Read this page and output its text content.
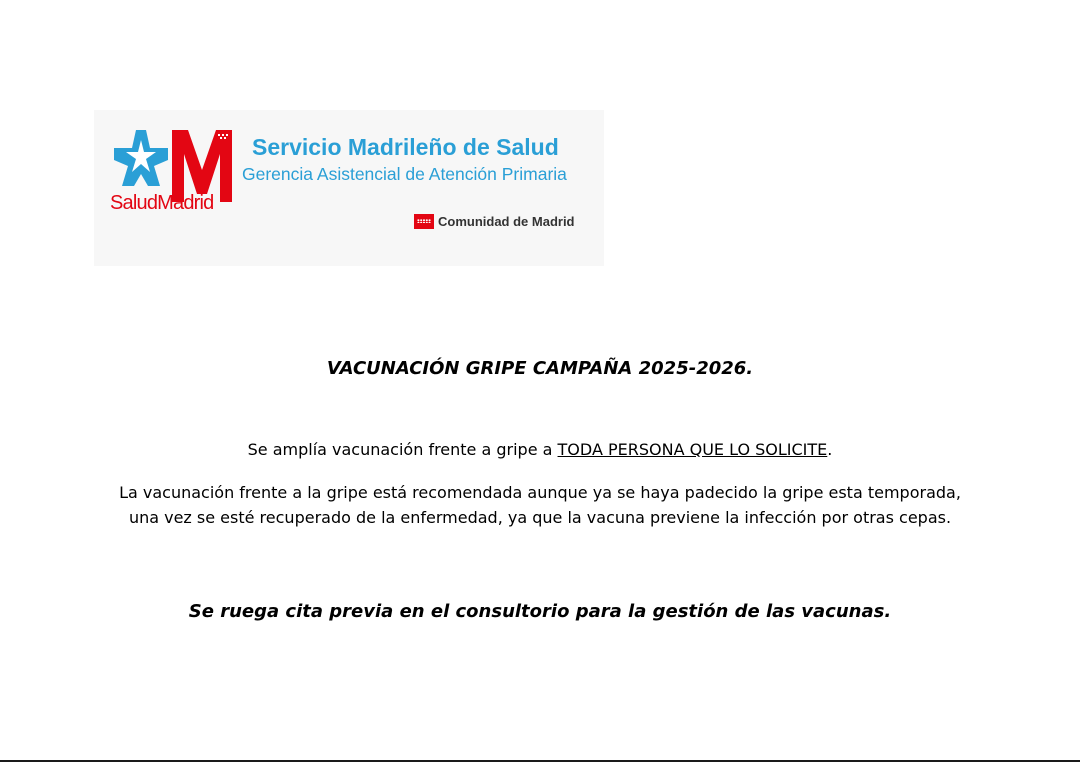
SaludMadrid
Servicio Madrileño de Salud
Gerencia Asistencial de Atención Primaria
Comunidad de Madrid
VACUNACIÓN GRIPE CAMPAÑA 2025-2026.
Se amplía vacunación frente a gripe a TODA PERSONA QUE LO SOLICITE.
La vacunación frente a la gripe está recomendada aunque ya se haya padecido la gripe esta temporada,
una vez se esté recuperado de la enfermedad, ya que la vacuna previene la infección por otras cepas.
Se ruega cita previa en el consultorio para la gestión de las vacunas.
